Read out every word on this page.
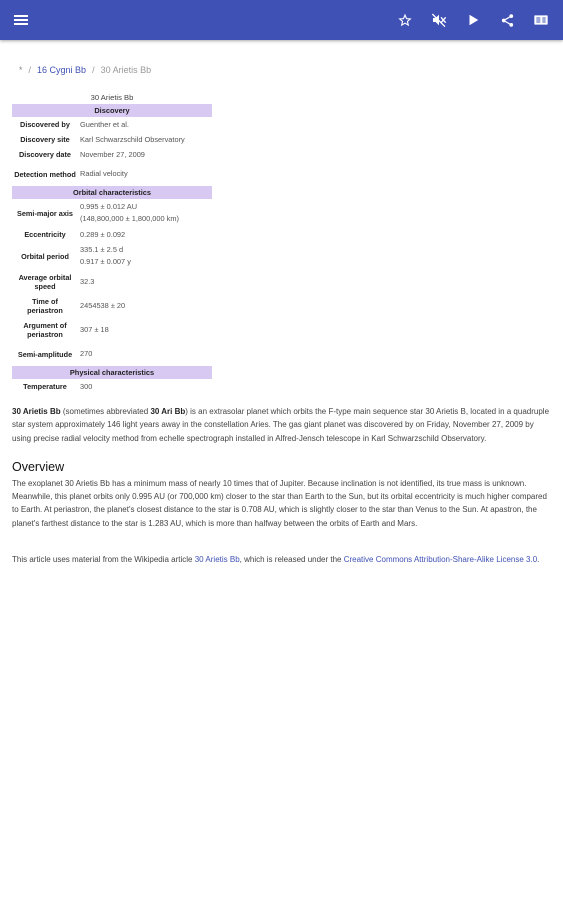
* / 16 Cygni Bb / 30 Arietis Bb
30 Arietis Bb	
Discovery	
Discovered by	Guenther et al.
Discovery site	Karl Schwarzschild Observatory
Discovery date	November 27, 2009
Detection method	Radial velocity
Orbital characteristics	
Semi-major axis	0.995 ± 0.012 AU
(148,800,000 ± 1,800,000 km)

Eccentricity	0.289 ± 0.092
Orbital period	335.1 ± 2.5 d
0.917 ± 0.007 y

Average orbital speed	32.3
Time of periastron	2454538 ± 20
Argument of periastron	307 ± 18
Semi-amplitude	270
Physical characteristics	
Temperature	300

30 Arietis Bb (sometimes abbreviated 30 Ari Bb) is an extrasolar planet which orbits the F-type main sequence star 30 Arietis B, located in a quadruple star system approximately 146 light years away in the constellation Aries. The gas giant planet was discovered by on Friday, November 27, 2009 by using precise radial velocity method from echelle spectrograph installed in Alfred-Jensch telescope in Karl Schwarzschild Observatory.

Overview

The exoplanet 30 Arietis Bb has a minimum mass of nearly 10 times that of Jupiter. Because inclination is not identified, its true mass is unknown. Meanwhile, this planet orbits only 0.995 AU (or 700,000 km) closer to the star than Earth to the Sun, but its orbital eccentricity is much higher compared to Earth. At periastron, the planet's closest distance to the star is 0.708 AU, which is slightly closer to the star than Venus to the Sun. At apastron, the planet's farthest distance to the star is 1.283 AU, which is more than halfway between the orbits of Earth and Mars.

This article uses material from the Wikipedia article 30 Arietis Bb, which is released under the Creative Commons Attribution-Share-Alike License 3.0.
